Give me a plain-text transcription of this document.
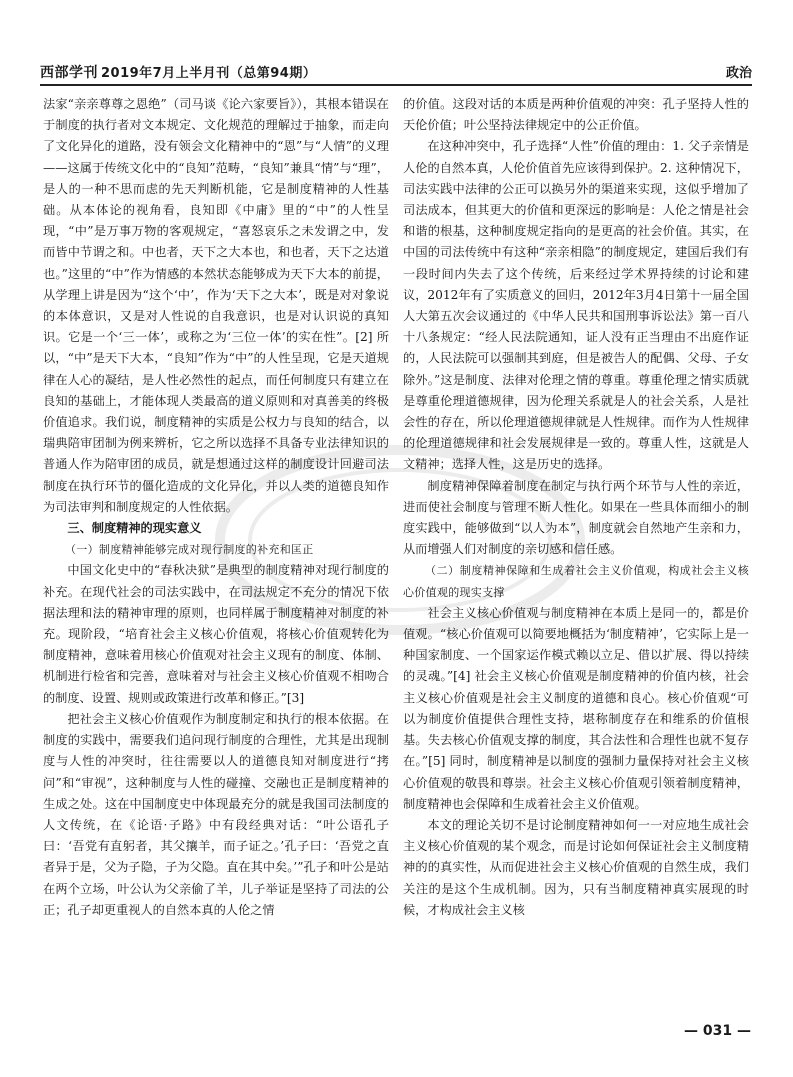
西部学刊 2019年7月上半月刊（总第94期）	政治

法家“亲亲尊尊之恩绝”（司马谈《论六家要旨》），其根本错误在于制度的执行者对文本规定、文化规范的理解过于抽象，而走向了文化异化的道路，没有领会文化精神中的“恩”与“人情”的义理——这属于传统文化中的“良知”范畴，“良知”兼具“情”与“理”，是人的一种不思而虑的先天判断机能，它是制度精神的人性基础。从本体论的视角看，良知即《中庸》里的“中”的人性呈现，“中”是万事万物的客观规定，“喜怒哀乐之未发谓之中，发而皆中节谓之和。中也者，天下之大本也，和也者，天下之达道也。”这里的“中”作为情感的本然状态能够成为天下大本的前提，从学理上讲是因为“这个‘中’，作为‘天下之大本’，既是对对象说的本体意识，又是对人性说的自我意识，也是对认识说的真知识。它是一个‘三一体’，或称之为‘三位一体’的实在性”。[2] 所以，“中”是天下大本，“良知”作为“中”的人性呈现，它是天道规律在人心的凝结，是人性必然性的起点，而任何制度只有建立在良知的基础上，才能体现人类最高的道义原则和对真善美的终极价值追求。我们说，制度精神的实质是公权力与良知的结合，以瑞典陪审团制为例来辨析，它之所以选择不具备专业法律知识的普通人作为陪审团的成员，就是想通过这样的制度设计回避司法制度在执行环节的僵化造成的文化异化，并以人类的道德良知作为司法审判和制度规定的人性依据。

三、制度精神的现实意义
（一）制度精神能够完成对现行制度的补充和匡正

中国文化史中的“春秋决狱”是典型的制度精神对现行制度的补充。在现代社会的司法实践中，在司法规定不充分的情况下依据法理和法的精神审理的原则，也同样属于制度精神对制度的补充。现阶段，“培育社会主义核心价值观，将核心价值观转化为制度精神，意味着用核心价值观对社会主义现有的制度、体制、机制进行检省和完善，意味着对与社会主义核心价值观不相吻合的制度、设置、规则或政策进行改革和修正。”[3]

把社会主义核心价值观作为制度制定和执行的根本依据。在制度的实践中，需要我们追问现行制度的合理性，尤其是出现制度与人性的冲突时，往往需要以人的道德良知对制度进行“拷问”和“审视”，这种制度与人性的碰撞、交融也正是制度精神的生成之处。这在中国制度史中体现最充分的就是我国司法制度的人文传统，在《论语·子路》中有段经典对话：“叶公语孔子曰：‘吾党有直躬者，其父攘羊，而子证之。’孔子曰：‘吾党之直者异于是，父为子隐，子为父隐。直在其中矣。’”孔子和叶公是站在两个立场，叶公认为父亲偷了羊，儿子举证是坚持了司法的公正；孔子却更重视人的自然本真的人伦之情

的价值。这段对话的本质是两种价值观的冲突：孔子坚持人性的天伦价值；叶公坚持法律规定中的公正价值。

在这种冲突中，孔子选择“人性”价值的理由：1. 父子亲情是人伦的自然本真，人伦价值首先应该得到保护。2. 这种情况下，司法实践中法律的公正可以换另外的渠道来实现，这似乎增加了司法成本，但其更大的价值和更深远的影响是：人伦之情是社会和谐的根基，这种制度规定指向的是更高的社会价值。其实，在中国的司法传统中有这种“亲亲相隐”的制度规定，建国后我们有一段时间内失去了这个传统，后来经过学术界持续的讨论和建议，2012年有了实质意义的回归，2012年3月4日第十一届全国人大第五次会议通过的《中华人民共和国刑事诉讼法》第一百八十八条规定：“经人民法院通知，证人没有正当理由不出庭作证的，人民法院可以强制其到庭，但是被告人的配偶、父母、子女除外。”这是制度、法律对伦理之情的尊重。尊重伦理之情实质就是尊重伦理道德规律，因为伦理关系就是人的社会关系，人是社会性的存在，所以伦理道德规律就是人性规律。而作为人性规律的伦理道德规律和社会发展规律是一致的。尊重人性，这就是人文精神；选择人性，这是历史的选择。

制度精神保障着制度在制定与执行两个环节与人性的亲近，进而使社会制度与管理不断人性化。如果在一些具体而细小的制度实践中，能够做到“以人为本”，制度就会自然地产生亲和力，从而增强人们对制度的亲切感和信任感。

（二）制度精神保障和生成着社会主义价值观，构成社会主义核心价值观的现实支撑

社会主义核心价值观与制度精神在本质上是同一的，都是价值观。“核心价值观可以简要地概括为‘制度精神’，它实际上是一种国家制度、一个国家运作模式赖以立足、借以扩展、得以持续的灵魂。”[4] 社会主义核心价值观是制度精神的价值内核，社会主义核心价值观是社会主义制度的道德和良心。核心价值观“可以为制度价值提供合理性支持，堪称制度存在和维系的价值根基。失去核心价值观支撑的制度，其合法性和合理性也就不复存在。”[5] 同时，制度精神是以制度的强制力量保持对社会主义核心价值观的敬畏和尊崇。社会主义核心价值观引领着制度精神，制度精神也会保障和生成着社会主义价值观。

本文的理论关切不是讨论制度精神如何一一对应地生成社会主义核心价值观的某个观念，而是讨论如何保证社会主义制度精神的的真实性，从而促进社会主义核心价值观的自然生成，我们关注的是这个生成机制。因为，只有当制度精神真实展现的时候，才构成社会主义核

— 031 —
